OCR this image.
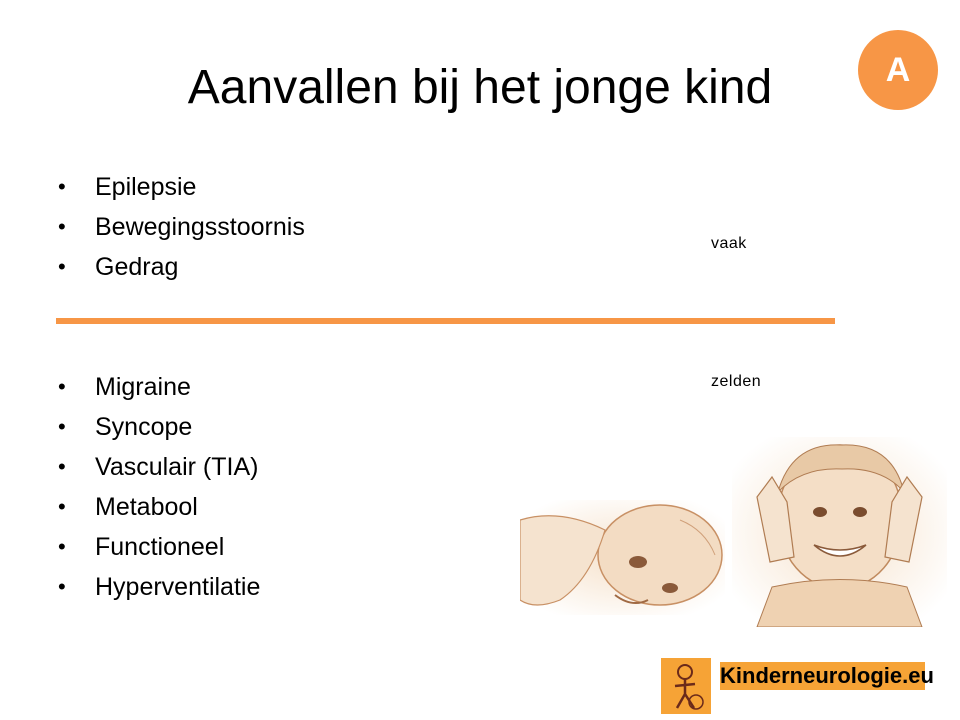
Aanvallen bij het jonge kind	A
• Epilepsie
• Bewegingsstoornis
• Gedrag
vaak
zelden
• Migraine
• Syncope
• Vasculair (TIA)
• Metabool
• Functioneel
• Hyperventilatie
Kinderneurologie.eu
